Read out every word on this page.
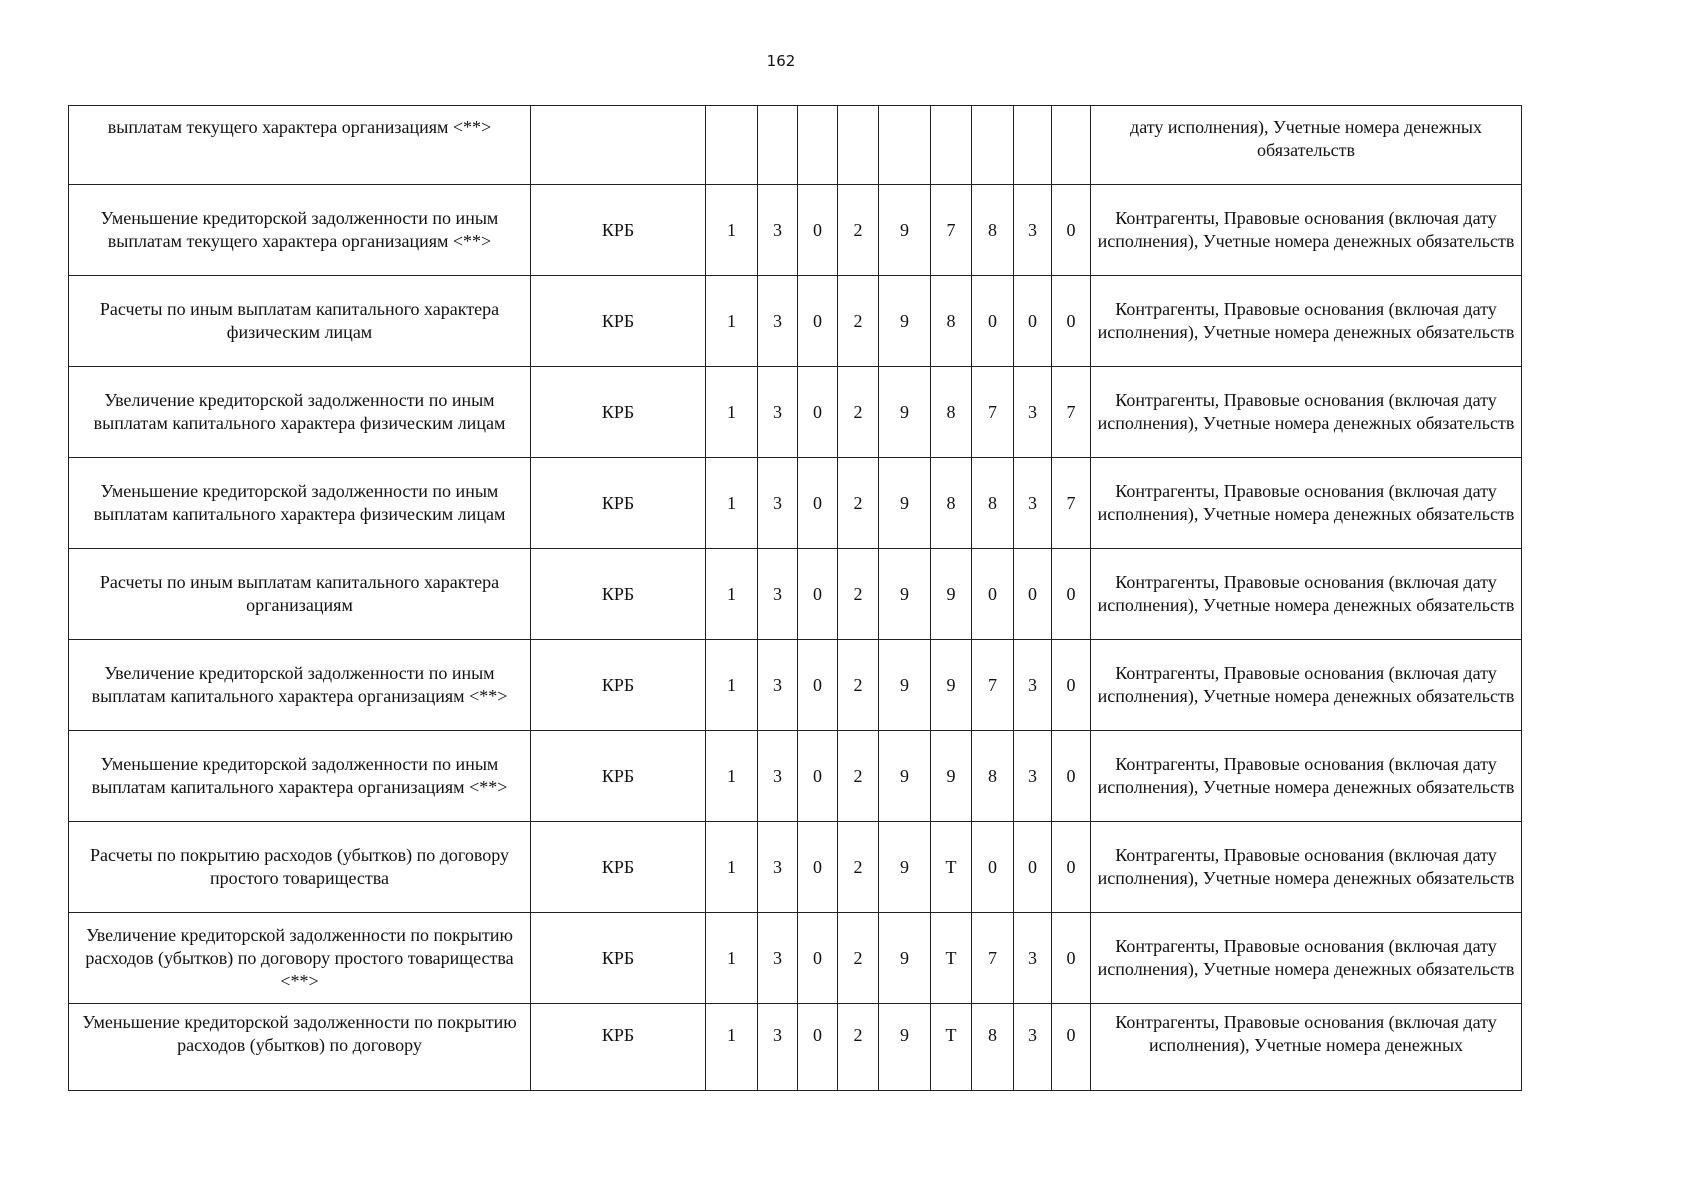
162
выплатам текущего характера организациям <**>											дату исполнения), Учетные номера денежных обязательств
Уменьшение кредиторской задолженности по иным выплатам текущего характера организациям <**>	КРБ	1	3	0	2	9	7	8	3	0	Контрагенты, Правовые основания (включая дату исполнения), Учетные номера денежных обязательств
Расчеты по иным выплатам капитального характера физическим лицам	КРБ	1	3	0	2	9	8	0	0	0	Контрагенты, Правовые основания (включая дату исполнения), Учетные номера денежных обязательств
Увеличение кредиторской задолженности по иным выплатам капитального характера физическим лицам	КРБ	1	3	0	2	9	8	7	3	7	Контрагенты, Правовые основания (включая дату исполнения), Учетные номера денежных обязательств
Уменьшение кредиторской задолженности по иным выплатам капитального характера физическим лицам	КРБ	1	3	0	2	9	8	8	3	7	Контрагенты, Правовые основания (включая дату исполнения), Учетные номера денежных обязательств
Расчеты по иным выплатам капитального характера организациям	КРБ	1	3	0	2	9	9	0	0	0	Контрагенты, Правовые основания (включая дату исполнения), Учетные номера денежных обязательств
Увеличение кредиторской задолженности по иным выплатам капитального характера организациям <**>	КРБ	1	3	0	2	9	9	7	3	0	Контрагенты, Правовые основания (включая дату исполнения), Учетные номера денежных обязательств
Уменьшение кредиторской задолженности по иным выплатам капитального характера организациям <**>	КРБ	1	3	0	2	9	9	8	3	0	Контрагенты, Правовые основания (включая дату исполнения), Учетные номера денежных обязательств
Расчеты по покрытию расходов (убытков) по договору простого товарищества	КРБ	1	3	0	2	9	Т	0	0	0	Контрагенты, Правовые основания (включая дату исполнения), Учетные номера денежных обязательств
Увеличение кредиторской задолженности по покрытию расходов (убытков) по договору простого товарищества <**>	КРБ	1	3	0	2	9	Т	7	3	0	Контрагенты, Правовые основания (включая дату исполнения), Учетные номера денежных обязательств
Уменьшение кредиторской задолженности по покрытию расходов (убытков) по договору	КРБ	1	3	0	2	9	Т	8	3	0	Контрагенты, Правовые основания (включая дату исполнения), Учетные номера денежных
